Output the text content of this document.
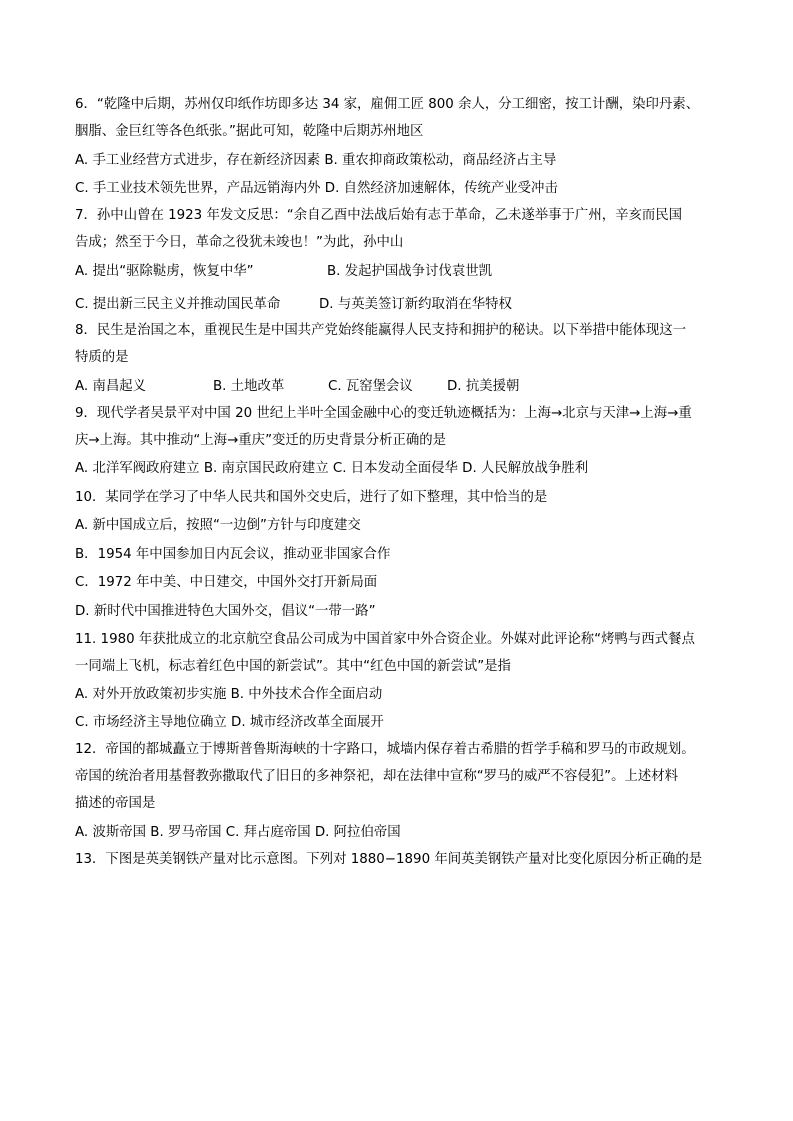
6．“乾隆中后期，苏州仅印纸作坊即多达 34 家，雇佣工匠 800 余人，分工细密，按工计酬，染印丹素、
胭脂、金巨红等各色纸张。”据此可知，乾隆中后期苏州地区
A. 手工业经营方式进步，存在新经济因素 B. 重农抑商政策松动，商品经济占主导
C. 手工业技术领先世界，产品远销海内外 D. 自然经济加速解体，传统产业受冲击
7．孙中山曾在 1923 年发文反思：“余自乙酉中法战后始有志于革命，乙未遂举事于广州，辛亥而民国
告成；然至于今日，革命之役犹未竣也！”为此，孙中山
A. 提出“驱除鞑虏，恢复中华”	B. 发起护国战争讨伐袁世凯
C. 提出新三民主义并推动国民革命	D. 与英美签订新约取消在华特权
8．民生是治国之本，重视民生是中国共产党始终能赢得人民支持和拥护的秘诀。以下举措中能体现这一
特质的是
A. 南昌起义	B. 土地改革	C. 瓦窑堡会议	D. 抗美援朝
9．现代学者吴景平对中国 20 世纪上半叶全国金融中心的变迁轨迹概括为：上海→北京与天津→上海→重
庆→上海。其中推动“上海→重庆”变迁的历史背景分析正确的是
A. 北洋军阀政府建立 B. 南京国民政府建立 C. 日本发动全面侵华 D. 人民解放战争胜利
10．某同学在学习了中华人民共和国外交史后，进行了如下整理，其中恰当的是
A. 新中国成立后，按照“一边倒”方针与印度建交
B．1954 年中国参加日内瓦会议，推动亚非国家合作
C．1972 年中美、中日建交，中国外交打开新局面
D. 新时代中国推进特色大国外交，倡议“一带一路”
11. 1980 年获批成立的北京航空食品公司成为中国首家中外合资企业。外媒对此评论称“烤鸭与西式餐点
一同端上飞机，标志着红色中国的新尝试”。其中“红色中国的新尝试”是指
A. 对外开放政策初步实施 B. 中外技术合作全面启动
C. 市场经济主导地位确立 D. 城市经济改革全面展开
12．帝国的都城矗立于博斯普鲁斯海峡的十字路口，城墙内保存着古希腊的哲学手稿和罗马的市政规划。
帝国的统治者用基督教弥撒取代了旧日的多神祭祀，却在法律中宣称“罗马的威严不容侵犯”。上述材料
描述的帝国是
A. 波斯帝国 B. 罗马帝国 C. 拜占庭帝国 D. 阿拉伯帝国
13．下图是英美钢铁产量对比示意图。下列对 1880−1890 年间英美钢铁产量对比变化原因分析正确的是
